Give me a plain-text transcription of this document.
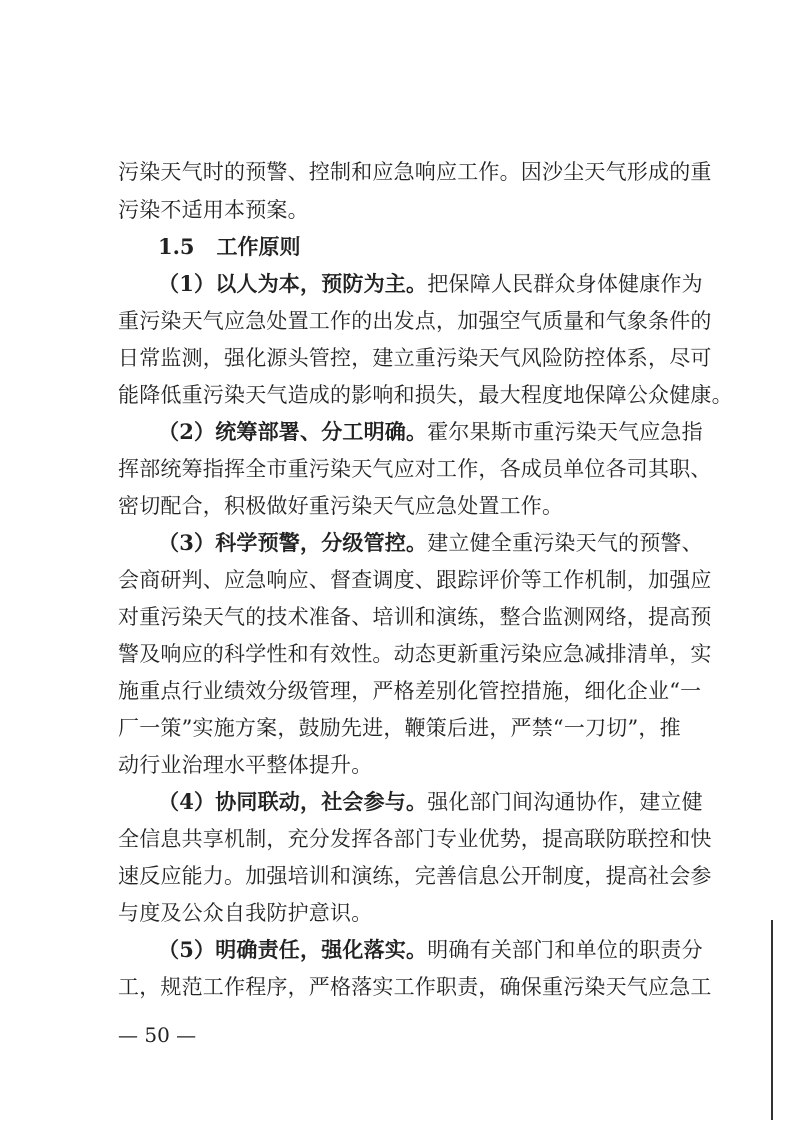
污染天气时的预警、控制和应急响应工作。因沙尘天气形成的重
污染不适用本预案。
1.5 工作原则
（1）以人为本，预防为主。把保障人民群众身体健康作为
重污染天气应急处置工作的出发点，加强空气质量和气象条件的
日常监测，强化源头管控，建立重污染天气风险防控体系，尽可
能降低重污染天气造成的影响和损失，最大程度地保障公众健康。
（2）统筹部署、分工明确。霍尔果斯市重污染天气应急指
挥部统筹指挥全市重污染天气应对工作，各成员单位各司其职、
密切配合，积极做好重污染天气应急处置工作。
（3）科学预警，分级管控。建立健全重污染天气的预警、
会商研判、应急响应、督查调度、跟踪评价等工作机制，加强应
对重污染天气的技术准备、培训和演练，整合监测网络，提高预
警及响应的科学性和有效性。动态更新重污染应急减排清单，实
施重点行业绩效分级管理，严格差别化管控措施，细化企业“一
厂一策”实施方案，鼓励先进，鞭策后进，严禁“一刀切”，推
动行业治理水平整体提升。
（4）协同联动，社会参与。强化部门间沟通协作，建立健
全信息共享机制，充分发挥各部门专业优势，提高联防联控和快
速反应能力。加强培训和演练，完善信息公开制度，提高社会参
与度及公众自我防护意识。
（5）明确责任，强化落实。明确有关部门和单位的职责分
工，规范工作程序，严格落实工作职责，确保重污染天气应急工
— 50 —
